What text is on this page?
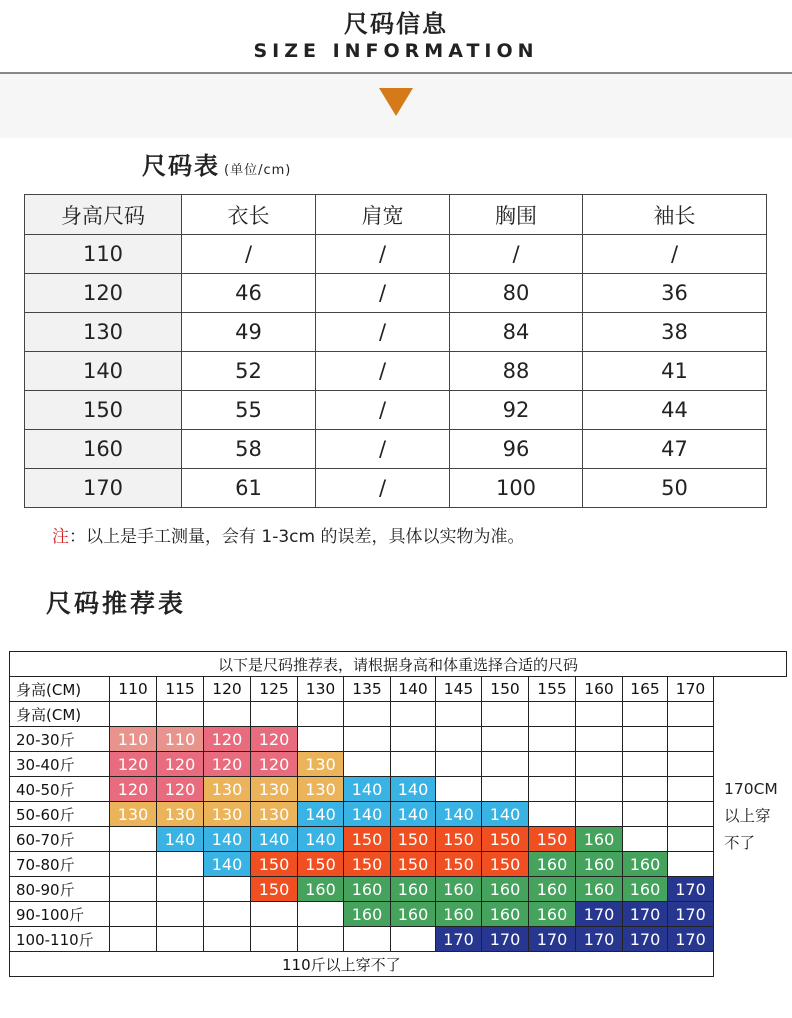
尺码信息
SIZE INFORMATION
尺码表 (单位/cm)
身高尺码	衣长	肩宽	胸围	袖长
110	/	/	/	/
120	46	/	80	36
130	49	/	84	38
140	52	/	88	41
150	55	/	92	44
160	58	/	96	47
170	61	/	100	50
注：以上是手工测量，会有 1-3cm 的误差，具体以实物为准。
尺码推荐表
以下是尺码推荐表，请根据身高和体重选择合适的尺码														
身高(CM)	110	115	120	125	130	135	140	145	150	155	160	165	170	
身高(CM)														
20-30斤	110	110	120	120										
30-40斤	120	120	120	120	130									
40-50斤	120	120	130	130	130	140	140							
50-60斤	130	130	130	130	140	140	140	140	140					
60-70斤		140	140	140	140	150	150	150	150	150	160			
70-80斤			140	150	150	150	150	150	150	160	160	160		
80-90斤				150	160	160	160	160	160	160	160	160	170	
90-100斤						160	160	160	160	160	170	170	170	
100-110斤								170	170	170	170	170	170	
110斤以上穿不了														
170CM
以上穿
不了
